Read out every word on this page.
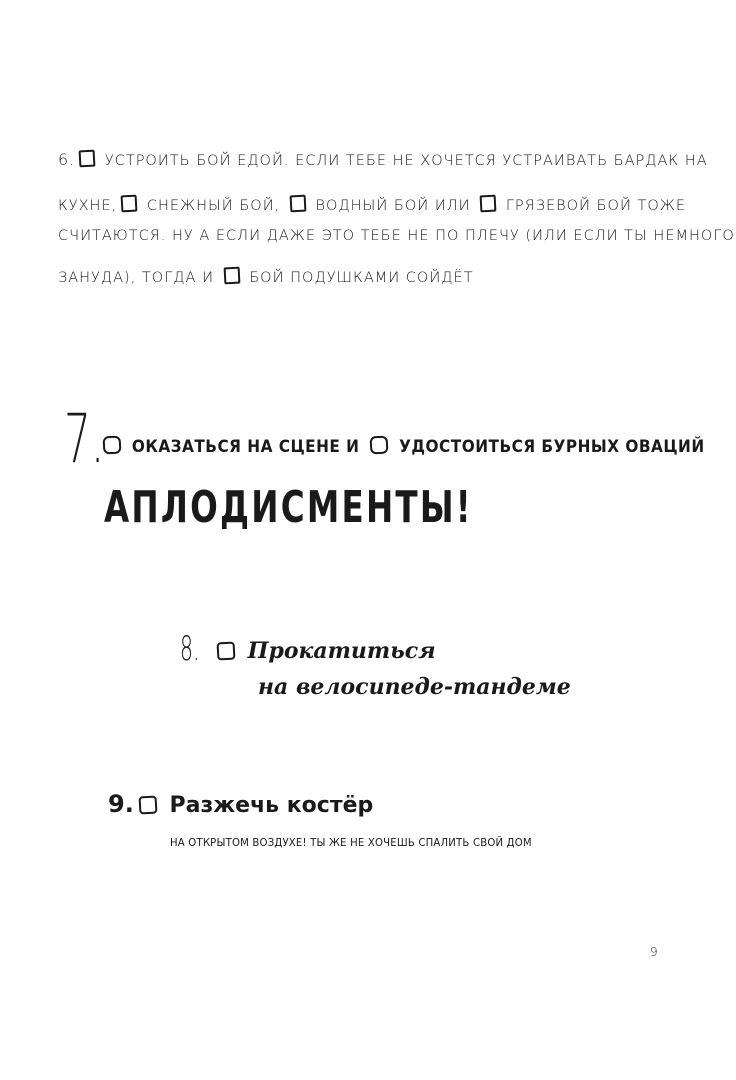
6. УСТРОИТЬ БОЙ ЕДОЙ. ЕСЛИ ТЕБЕ НЕ ХОЧЕТСЯ УСТРАИВАТЬ БАРДАК НА
КУХНЕ, СНЕЖНЫЙ БОЙ, ВОДНЫЙ БОЙ ИЛИ ГРЯЗЕВОЙ БОЙ ТОЖЕ
СЧИТАЮТСЯ. НУ А ЕСЛИ ДАЖЕ ЭТО ТЕБЕ НЕ ПО ПЛЕЧУ (ИЛИ ЕСЛИ ТЫ НЕМНОГО
ЗАНУДА), ТОГДА И БОЙ ПОДУШКАМИ СОЙДЁТ
7.	ОКАЗАТЬСЯ НА СЦЕНЕ И УДОСТОИТЬСЯ БУРНЫХ ОВАЦИЙ
АПЛОДИСМЕНТЫ!
8.	Прокатиться
на велосипеде-тандеме
9. Разжечь костёр
НА ОТКРЫТОМ ВОЗДУХЕ! ТЫ ЖЕ НЕ ХОЧЕШЬ СПАЛИТЬ СВОЙ ДОМ
9
